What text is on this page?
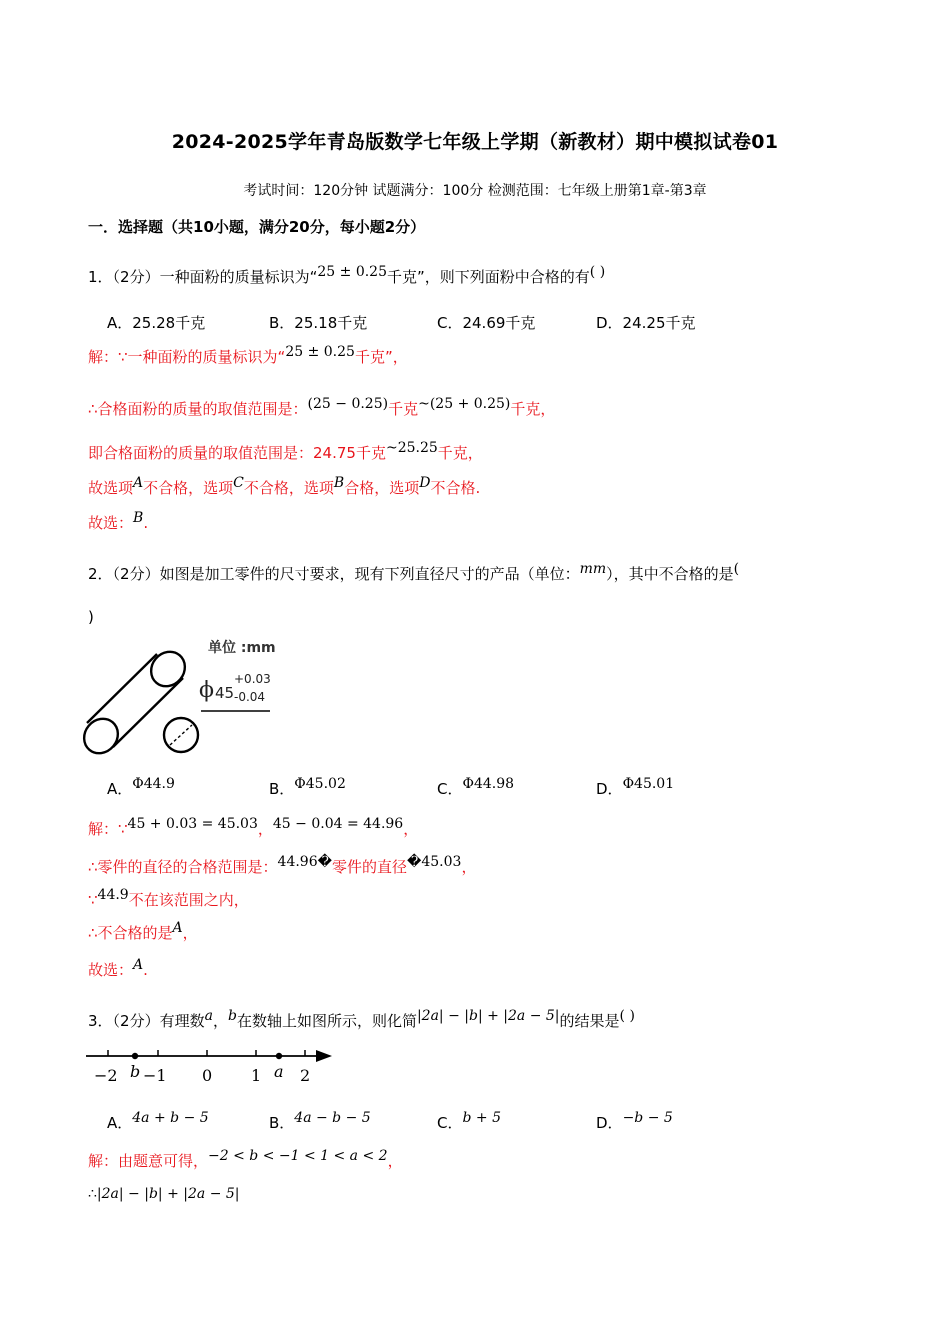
2024-2025学年青岛版数学七年级上学期（新教材）期中模拟试卷01
考试时间：120分钟 试题满分：100分 检测范围：七年级上册第1章-第3章
一．选择题（共10小题，满分20分，每小题2分）
1．（2分）一种面粉的质量标识为“25 ± 0.25千克”，则下列面粉中合格的有( )
A．25.28千克	B．25.18千克	C．24.69千克	D．24.25千克
解：∵一种面粉的质量标识为“25 ± 0.25千克”，
∴合格面粉的质量的取值范围是：(25 − 0.25)千克~(25 + 0.25)千克，
即合格面粉的质量的取值范围是：24.75千克~25.25千克，
故选项A不合格，选项C不合格，选项B合格，选项D不合格.
故选：B.
2．（2分）如图是加工零件的尺寸要求，现有下列直径尺寸的产品（单位：mm），其中不合格的是(
)
单位 :mm
ϕ 45
+0.03
-0.04
A．Φ44.9	B．Φ45.02	C．Φ44.98	D．Φ45.01
解：∵45 + 0.03 = 45.03，45 − 0.04 = 44.96，
∴零件的直径的合格范围是：44.96�零件的直径�45.03，
∵44.9不在该范围之内，
∴不合格的是A，
故选：A.
3．（2分）有理数a，b在数轴上如图所示，则化简|2a| − |b| + |2a − 5|的结果是( )
−2 b −1 0 1 a 2
A．4a + b − 5	B．4a − b − 5	C．b + 5	D．−b − 5
解：由题意可得，−2 < b < −1 < 1 < a < 2，
∴|2a| − |b| + |2a − 5|
